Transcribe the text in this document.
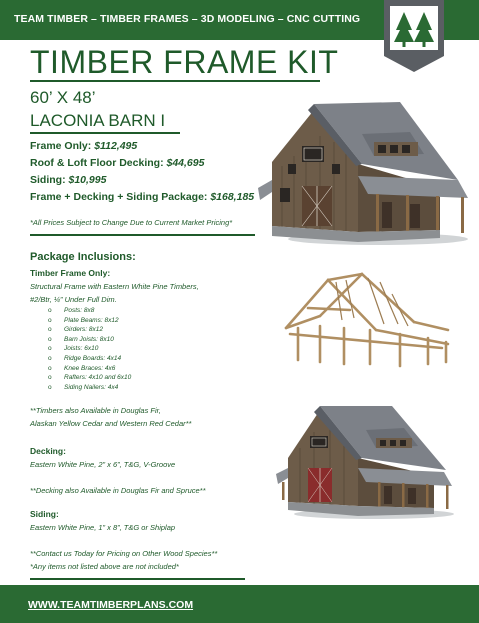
TEAM TIMBER – TIMBER FRAMES – 3D MODELING – CNC CUTTING
TIMBER FRAME KIT
60’ X 48’
LACONIA BARN I
Frame Only: $112,495
Roof & Loft Floor Decking: $44,695
Siding: $10,995
Frame + Decking + Siding Package: $168,185
*All Prices Subject to Change Due to Current Market Pricing*
Package Inclusions:
Timber Frame Only:
Structural Frame with Eastern White Pine Timbers,
#2/Btr, ¼” Under Full Dim.
o Posts: 8x8
o Plate Beams: 8x12
o Girders: 8x12
o Barn Joists: 8x10
o Joists: 6x10
o Ridge Boards: 4x14
o Knee Braces: 4x6
o Rafters: 4x10 and 6x10
o Siding Nailers: 4x4
**Timbers also Available in Douglas Fir,
Alaskan Yellow Cedar and Western Red Cedar**
Decking:
Eastern White Pine, 2” x 6”, T&G, V-Groove
**Decking also Available in Douglas Fir and Spruce**
Siding:
Eastern White Pine, 1” x 8”, T&G or Shiplap
**Contact us Today for Pricing on Other Wood Species**
*Any items not listed above are not included*
WWW.TEAMTIMBERPLANS.COM
